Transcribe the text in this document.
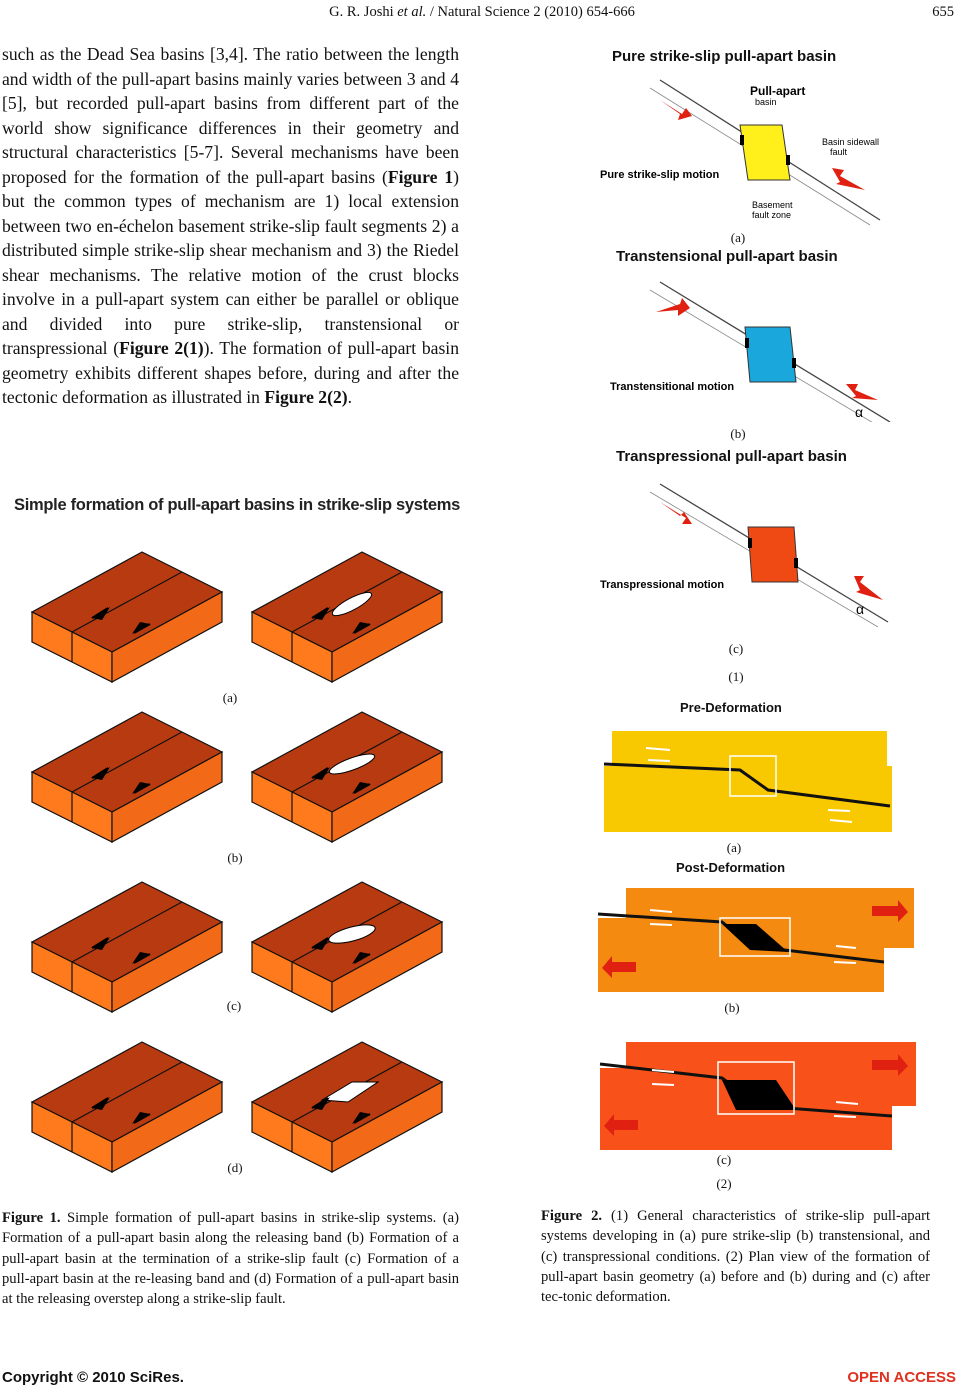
G. R. Joshi et al. / Natural Science 2 (2010) 654-666	655

such as the Dead Sea basins [3,4]. The ratio between the length and width of the pull-apart basins mainly varies between 3 and 4 [5], but recorded pull-apart basins from different part of the world show significance differences in their geometry and structural characteristics [5-7]. Several mechanisms have been proposed for the formation of the pull-apart basins (Figure 1) but the common types of mechanism are 1) local extension between two en-échelon basement strike-slip fault segments 2) a distributed simple strike-slip shear mechanism and 3) the Riedel shear mechanisms. The relative motion of the crust blocks involve in a pull-apart system can either be parallel or oblique and divided into pure strike-slip, transtensional or transpressional (Figure 2(1)). The formation of pull-apart basin geometry exhibits different shapes before, during and after the tectonic deformation as illustrated in Figure 2(2).

Simple formation of pull-apart basins in strike-slip systems
(a)
(b)
(c)
(d)
Figure 1. Simple formation of pull-apart basins in strike-slip systems. (a) Formation of a pull-apart basin along the releasing band (b) Formation of a pull-apart basin at the termination of a strike-slip fault (c) Formation of a pull-apart basin at the re-leasing band and (d) Formation of a pull-apart basin at the releasing overstep along a strike-slip fault.
Pure strike-slip pull-apart basin
Pull-apart
basin
Basin sidewall
fault
Basement
fault zone
Pure strike-slip motion
(a)
Transtensional pull-apart basin
α
Transtensitional motion
(b)
Transpressional pull-apart basin
α
Transpressional motion
(c)
(1)
Pre-Deformation
(a)
Post-Deformation
(b)
(c)
(2)
Figure 2. (1) General characteristics of strike-slip pull-apart systems developing in (a) pure strike-slip (b) transtensional, and (c) transpressional conditions. (2) Plan view of the formation of pull-apart basin geometry (a) before and (b) during and (c) after tec-tonic deformation.
Copyright © 2010 SciRes.	OPEN ACCESS
